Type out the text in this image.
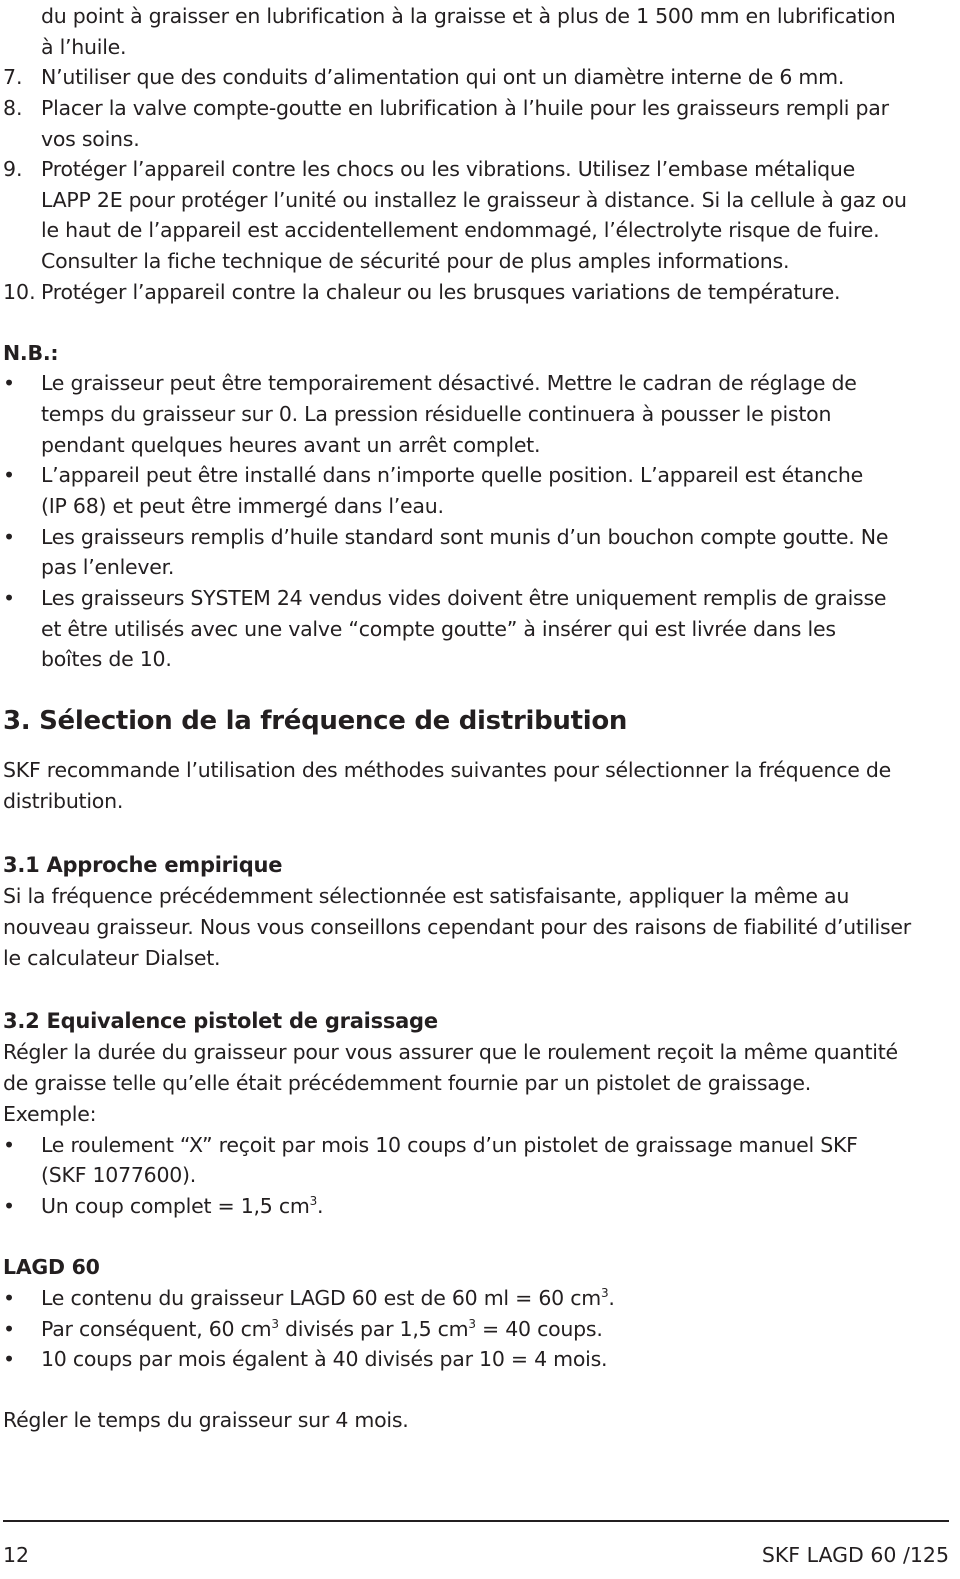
du point à graisser en lubrification à la graisse et à plus de 1 500 mm en lubrification

à l’huile.

7. N’utiliser que des conduits d’alimentation qui ont un diamètre interne de 6 mm.

8. Placer la valve compte-goutte en lubrification à l’huile pour les graisseurs rempli par

vos soins.

9. Protéger l’appareil contre les chocs ou les vibrations. Utilisez l’embase métalique

LAPP 2E pour protéger l’unité ou installez le graisseur à distance. Si la cellule à gaz ou

le haut de l’appareil est accidentellement endommagé, l’électrolyte risque de fuire.

Consulter la fiche technique de sécurité pour de plus amples informations.

10. Protéger l’appareil contre la chaleur ou les brusques variations de température.

N.B.:

• Le graisseur peut être temporairement désactivé. Mettre le cadran de réglage de

temps du graisseur sur 0. La pression résiduelle continuera à pousser le piston

pendant quelques heures avant un arrêt complet.

• L’appareil peut être installé dans n’importe quelle position. L’appareil est étanche

(IP 68) et peut être immergé dans l’eau.

• Les graisseurs remplis d’huile standard sont munis d’un bouchon compte goutte. Ne

pas l’enlever.

• Les graisseurs SYSTEM 24 vendus vides doivent être uniquement remplis de graisse

et être utilisés avec une valve “compte goutte” à insérer qui est livrée dans les

boîtes de 10.

3. Sélection de la fréquence de distribution

SKF recommande l’utilisation des méthodes suivantes pour sélectionner la fréquence de

distribution.

3.1 Approche empirique

Si la fréquence précédemment sélectionnée est satisfaisante, appliquer la même au

nouveau graisseur. Nous vous conseillons cependant pour des raisons de fiabilité d’utiliser

le calculateur Dialset.

3.2 Equivalence pistolet de graissage

Régler la durée du graisseur pour vous assurer que le roulement reçoit la même quantité

de graisse telle qu’elle était précédemment fournie par un pistolet de graissage.

Exemple:

• Le roulement “X” reçoit par mois 10 coups d’un pistolet de graissage manuel SKF

(SKF 1077600).

• Un coup complet = 1,5 $cm^3$.

LAGD 60

• Le contenu du graisseur LAGD 60 est de 60 ml = 60 $cm^3$.

• Par conséquent, 60 $cm^3$ divisés par 1,5 $cm^3 = 40$ coups.

• 10 coups par mois égalent à 40 divisés par 10 = 4 mois.

Régler le temps du graisseur sur 4 mois.

12	SKF LAGD 60 /125
